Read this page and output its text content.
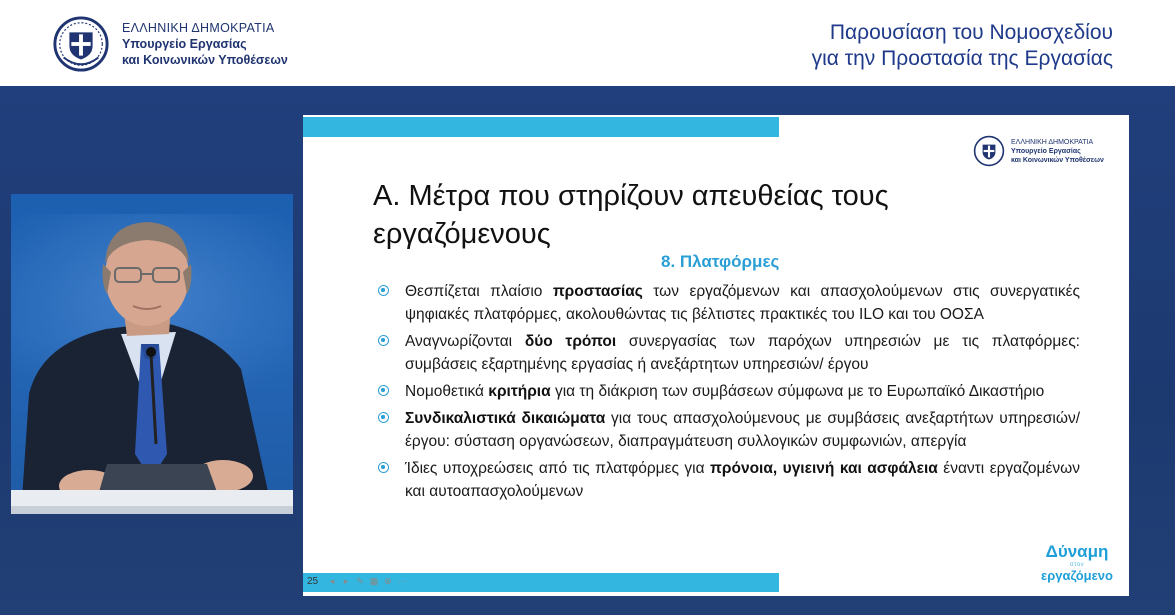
ΕΛΛΗΝΙΚΗ ΔΗΜΟΚΡΑΤΙΑ
Υπουργείο Εργασίας
και Κοινωνικών Υποθέσεων
Παρουσίαση του Νομοσχεδίου
για την Προστασία της Εργασίας
ΕΛΛΗΝΙΚΗ ΔΗΜΟΚΡΑΤΙΑ
Υπουργείο Εργασίας
και Κοινωνικών Υποθέσεων
Α. Μέτρα που στηρίζουν απευθείας τους
εργαζόμενους
8. Πλατφόρμες
Θεσπίζεται πλαίσιο προστασίας των εργαζόμενων και απασχολούμενων στις συνεργατικές ψηφιακές πλατφόρμες, ακολουθώντας τις βέλτιστες πρακτικές του ILO και του ΟΟΣΑ
Αναγνωρίζονται δύο τρόποι συνεργασίας των παρόχων υπηρεσιών με τις πλατφόρμες: συμβάσεις εξαρτημένης εργασίας ή ανεξάρτητων υπηρεσιών/ έργου
Νομοθετικά κριτήρια για τη διάκριση των συμβάσεων σύμφωνα με το Ευρωπαϊκό Δικαστήριο
Συνδικαλιστικά δικαιώματα για τους απασχολούμενους με συμβάσεις ανεξαρτήτων υπηρεσιών/ έργου: σύσταση οργανώσεων, διαπραγμάτευση συλλογικών συμφωνιών, απεργία
Ίδιες υποχρεώσεις από τις πλατφόρμες για πρόνοια, υγιεινή και ασφάλεια έναντι εργαζομένων και αυτοαπασχολούμενων
25	◂	▸ ✎ ▦ ⊕ ⋯
Δύναμη
στον
εργαζόμενο
